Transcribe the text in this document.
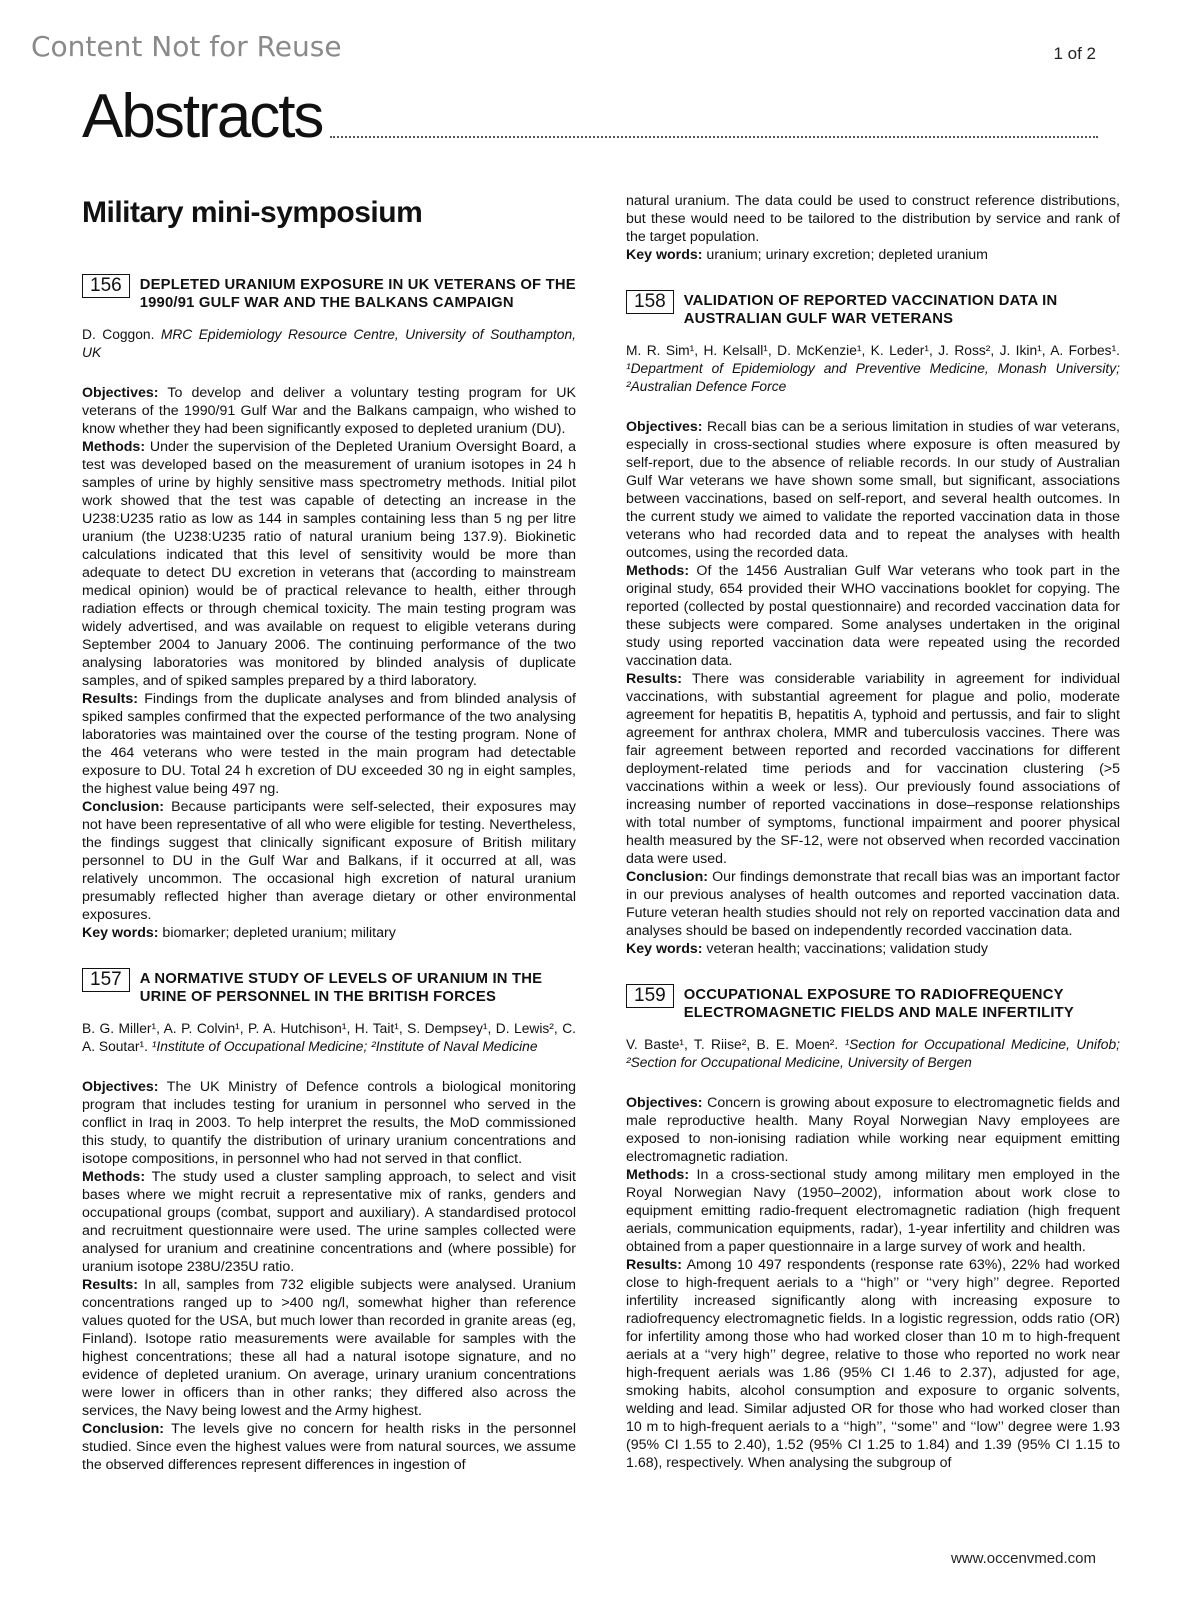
Content Not for Reuse	1 of 2
Abstracts
Military mini-symposium
156	DEPLETED URANIUM EXPOSURE IN UK VETERANS OF THE 1990/91 GULF WAR AND THE BALKANS CAMPAIGN
D. Coggon. MRC Epidemiology Resource Centre, University of Southampton, UK

Objectives: To develop and deliver a voluntary testing program for UK veterans of the 1990/91 Gulf War and the Balkans campaign, who wished to know whether they had been significantly exposed to depleted uranium (DU).

Methods: Under the supervision of the Depleted Uranium Oversight Board, a test was developed based on the measurement of uranium isotopes in 24 h samples of urine by highly sensitive mass spectrometry methods. Initial pilot work showed that the test was capable of detecting an increase in the U238:U235 ratio as low as 144 in samples containing less than 5 ng per litre uranium (the U238:U235 ratio of natural uranium being 137.9). Biokinetic calculations indicated that this level of sensitivity would be more than adequate to detect DU excretion in veterans that (according to mainstream medical opinion) would be of practical relevance to health, either through radiation effects or through chemical toxicity. The main testing program was widely advertised, and was available on request to eligible veterans during September 2004 to January 2006. The continuing performance of the two analysing laboratories was monitored by blinded analysis of duplicate samples, and of spiked samples prepared by a third laboratory.

Results: Findings from the duplicate analyses and from blinded analysis of spiked samples confirmed that the expected performance of the two analysing laboratories was maintained over the course of the testing program. None of the 464 veterans who were tested in the main program had detectable exposure to DU. Total 24 h excretion of DU exceeded 30 ng in eight samples, the highest value being 497 ng.

Conclusion: Because participants were self-selected, their exposures may not have been representative of all who were eligible for testing. Nevertheless, the findings suggest that clinically significant exposure of British military personnel to DU in the Gulf War and Balkans, if it occurred at all, was relatively uncommon. The occasional high excretion of natural uranium presumably reflected higher than average dietary or other environmental exposures.

Key words: biomarker; depleted uranium; military

157	A NORMATIVE STUDY OF LEVELS OF URANIUM IN THE URINE OF PERSONNEL IN THE BRITISH FORCES
B. G. Miller¹, A. P. Colvin¹, P. A. Hutchison¹, H. Tait¹, S. Dempsey¹, D. Lewis², C. A. Soutar¹. ¹Institute of Occupational Medicine; ²Institute of Naval Medicine

Objectives: The UK Ministry of Defence controls a biological monitoring program that includes testing for uranium in personnel who served in the conflict in Iraq in 2003. To help interpret the results, the MoD commissioned this study, to quantify the distribution of urinary uranium concentrations and isotope compositions, in personnel who had not served in that conflict.

Methods: The study used a cluster sampling approach, to select and visit bases where we might recruit a representative mix of ranks, genders and occupational groups (combat, support and auxiliary). A standardised protocol and recruitment questionnaire were used. The urine samples collected were analysed for uranium and creatinine concentrations and (where possible) for uranium isotope 238U/235U ratio.

Results: In all, samples from 732 eligible subjects were analysed. Uranium concentrations ranged up to >400 ng/l, somewhat higher than reference values quoted for the USA, but much lower than recorded in granite areas (eg, Finland). Isotope ratio measurements were available for samples with the highest concentrations; these all had a natural isotope signature, and no evidence of depleted uranium. On average, urinary uranium concentrations were lower in officers than in other ranks; they differed also across the services, the Navy being lowest and the Army highest.

Conclusion: The levels give no concern for health risks in the personnel studied. Since even the highest values were from natural sources, we assume the observed differences represent differences in ingestion of

natural uranium. The data could be used to construct reference distributions, but these would need to be tailored to the distribution by service and rank of the target population.

Key words: uranium; urinary excretion; depleted uranium

158	VALIDATION OF REPORTED VACCINATION DATA IN AUSTRALIAN GULF WAR VETERANS
M. R. Sim¹, H. Kelsall¹, D. McKenzie¹, K. Leder¹, J. Ross², J. Ikin¹, A. Forbes¹. ¹Department of Epidemiology and Preventive Medicine, Monash University; ²Australian Defence Force

Objectives: Recall bias can be a serious limitation in studies of war veterans, especially in cross-sectional studies where exposure is often measured by self-report, due to the absence of reliable records. In our study of Australian Gulf War veterans we have shown some small, but significant, associations between vaccinations, based on self-report, and several health outcomes. In the current study we aimed to validate the reported vaccination data in those veterans who had recorded data and to repeat the analyses with health outcomes, using the recorded data.

Methods: Of the 1456 Australian Gulf War veterans who took part in the original study, 654 provided their WHO vaccinations booklet for copying. The reported (collected by postal questionnaire) and recorded vaccination data for these subjects were compared. Some analyses undertaken in the original study using reported vaccination data were repeated using the recorded vaccination data.

Results: There was considerable variability in agreement for individual vaccinations, with substantial agreement for plague and polio, moderate agreement for hepatitis B, hepatitis A, typhoid and pertussis, and fair to slight agreement for anthrax cholera, MMR and tuberculosis vaccines. There was fair agreement between reported and recorded vaccinations for different deployment-related time periods and for vaccination clustering (>5 vaccinations within a week or less). Our previously found associations of increasing number of reported vaccinations in dose–response relationships with total number of symptoms, functional impairment and poorer physical health measured by the SF-12, were not observed when recorded vaccination data were used.

Conclusion: Our findings demonstrate that recall bias was an important factor in our previous analyses of health outcomes and reported vaccination data. Future veteran health studies should not rely on reported vaccination data and analyses should be based on independently recorded vaccination data.

Key words: veteran health; vaccinations; validation study

159	OCCUPATIONAL EXPOSURE TO RADIOFREQUENCY ELECTROMAGNETIC FIELDS AND MALE INFERTILITY
V. Baste¹, T. Riise², B. E. Moen². ¹Section for Occupational Medicine, Unifob; ²Section for Occupational Medicine, University of Bergen

Objectives: Concern is growing about exposure to electromagnetic fields and male reproductive health. Many Royal Norwegian Navy employees are exposed to non-ionising radiation while working near equipment emitting electromagnetic radiation.

Methods: In a cross-sectional study among military men employed in the Royal Norwegian Navy (1950–2002), information about work close to equipment emitting radio-frequent electromagnetic radiation (high frequent aerials, communication equipments, radar), 1-year infertility and children was obtained from a paper questionnaire in a large survey of work and health.

Results: Among 10 497 respondents (response rate 63%), 22% had worked close to high-frequent aerials to a ‘‘high’’ or ‘‘very high’’ degree. Reported infertility increased significantly along with increasing exposure to radiofrequency electromagnetic fields. In a logistic regression, odds ratio (OR) for infertility among those who had worked closer than 10 m to high-frequent aerials at a ‘‘very high’’ degree, relative to those who reported no work near high-frequent aerials was 1.86 (95% CI 1.46 to 2.37), adjusted for age, smoking habits, alcohol consumption and exposure to organic solvents, welding and lead. Similar adjusted OR for those who had worked closer than 10 m to high-frequent aerials to a ‘‘high’’, ‘‘some’’ and ‘‘low’’ degree were 1.93 (95% CI 1.55 to 2.40), 1.52 (95% CI 1.25 to 1.84) and 1.39 (95% CI 1.15 to 1.68), respectively. When analysing the subgroup of

www.occenvmed.com
